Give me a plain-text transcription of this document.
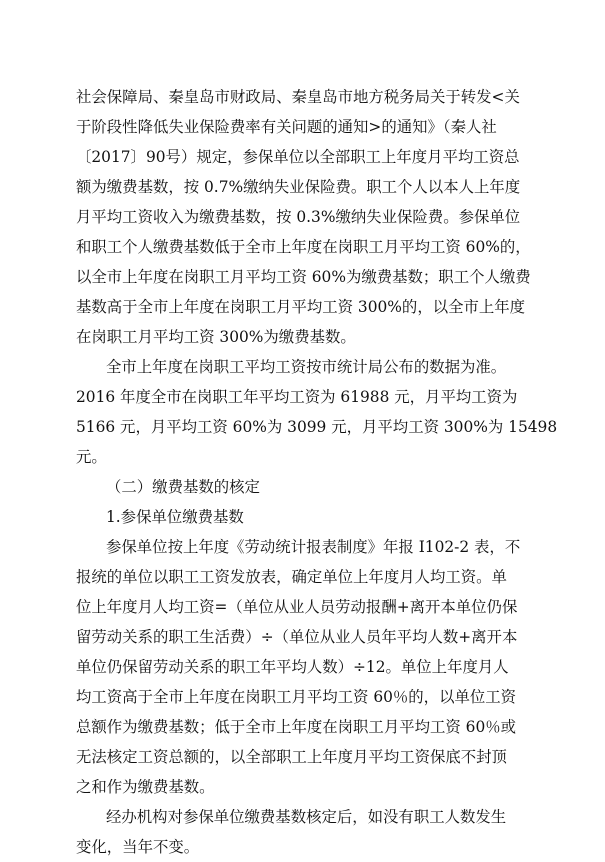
社会保障局、秦皇岛市财政局、秦皇岛市地方税务局关于转发<关
于阶段性降低失业保险费率有关问题的通知>的通知》（秦人社
〔2017〕90号）规定，参保单位以全部职工上年度月平均工资总
额为缴费基数，按 0.7%缴纳失业保险费。职工个人以本人上年度
月平均工资收入为缴费基数，按 0.3%缴纳失业保险费。参保单位
和职工个人缴费基数低于全市上年度在岗职工月平均工资 60%的，
以全市上年度在岗职工月平均工资 60%为缴费基数；职工个人缴费
基数高于全市上年度在岗职工月平均工资 300%的，以全市上年度
在岗职工月平均工资 300%为缴费基数。
全市上年度在岗职工平均工资按市统计局公布的数据为准。
2016 年度全市在岗职工年平均工资为 61988 元，月平均工资为
5166 元，月平均工资 60%为 3099 元，月平均工资 300%为 15498
元。
（二）缴费基数的核定
1.参保单位缴费基数
参保单位按上年度《劳动统计报表制度》年报 I102-2 表，不
报统的单位以职工工资发放表，确定单位上年度月人均工资。单
位上年度月人均工资=（单位从业人员劳动报酬+离开本单位仍保
留劳动关系的职工生活费）÷（单位从业人员年平均人数+离开本
单位仍保留劳动关系的职工年平均人数）÷12。单位上年度月人
均工资高于全市上年度在岗职工月平均工资 60％的，以单位工资
总额作为缴费基数；低于全市上年度在岗职工月平均工资 60％或
无法核定工资总额的，以全部职工上年度月平均工资保底不封顶
之和作为缴费基数。
经办机构对参保单位缴费基数核定后，如没有职工人数发生
变化，当年不变。
